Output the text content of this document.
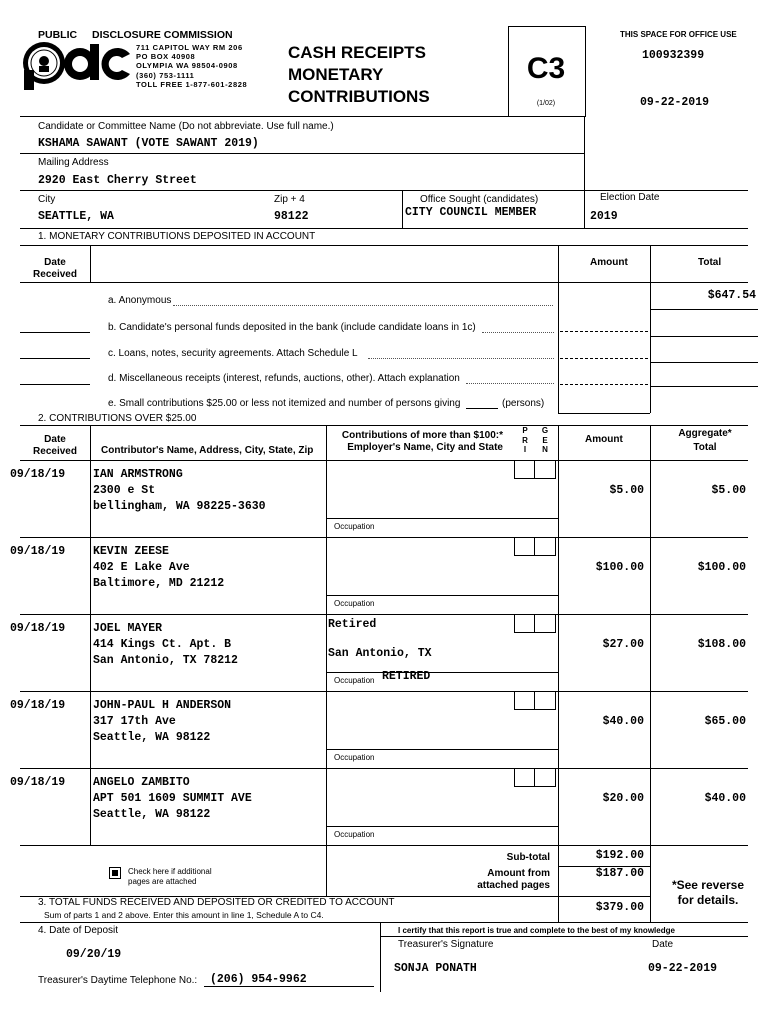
PUBLIC DISCLOSURE COMMISSION
711 CAPITOL WAY RM 206
PO BOX 40908
OLYMPIA WA 98504-0908
(360) 753-1111
TOLL FREE 1-877-601-2828
CASH RECEIPTS
MONETARY
CONTRIBUTIONS
C3
(1/02)
THIS SPACE FOR OFFICE USE
100932399
09-22-2019
Candidate or Committee Name (Do not abbreviate. Use full name.)
KSHAMA SAWANT (VOTE SAWANT 2019)
Mailing Address
2920 East Cherry Street
City
SEATTLE, WA
Zip + 4
98122
Office Sought (candidates)
CITY COUNCIL MEMBER
Election Date
2019
1. MONETARY CONTRIBUTIONS DEPOSITED IN ACCOUNT
Date
Received
Amount	Total
a. Anonymous	$647.54
b. Candidate's personal funds deposited in the bank (include candidate loans in 1c)
c. Loans, notes, security agreements. Attach Schedule L
d. Miscellaneous receipts (interest, refunds, auctions, other). Attach explanation
e. Small contributions $25.00 or less not itemized and number of persons giving	(persons)
2. CONTRIBUTIONS OVER $25.00
Date
Received	Contributor's Name, Address, City, State, Zip
Contributions of more than $100:*
Employer's Name, City and State
P
R
I
G
E
N
Amount
Aggregate*
Total
Occupation
09/18/19 IAN ARMSTRONG
2300 e St
bellingham, WA 98225-3630
$5.00	$5.00
Occupation
09/18/19 KEVIN ZEESE
402 E Lake Ave
Baltimore, MD 21212
$100.00	$100.00
Occupation
09/18/19 JOEL MAYER
414 Kings Ct. Apt. B
San Antonio, TX 78212
Retired
San Antonio, TX
RETIRED
$27.00	$108.00
Occupation
09/18/19 JOHN-PAUL H ANDERSON
317 17th Ave
Seattle, WA 98122
$40.00	$65.00
Occupation
09/18/19 ANGELO ZAMBITO
APT 501 1609 SUMMIT AVE
Seattle, WA 98122
$20.00	$40.00
Check here if additional
pages are attached
Sub-total	$192.00
Amount from
attached pages
$187.00
*See reverse
for details.
3. TOTAL FUNDS RECEIVED AND DEPOSITED OR CREDITED TO ACCOUNT
Sum of parts 1 and 2 above. Enter this amount in line 1, Schedule A to C4.
$379.00
4. Date of Deposit
09/20/19
Treasurer's Daytime Telephone No.: (206) 954-9962
I certify that this report is true and complete to the best of my knowledge
Treasurer's Signature	Date
SONJA PONATH	09-22-2019
